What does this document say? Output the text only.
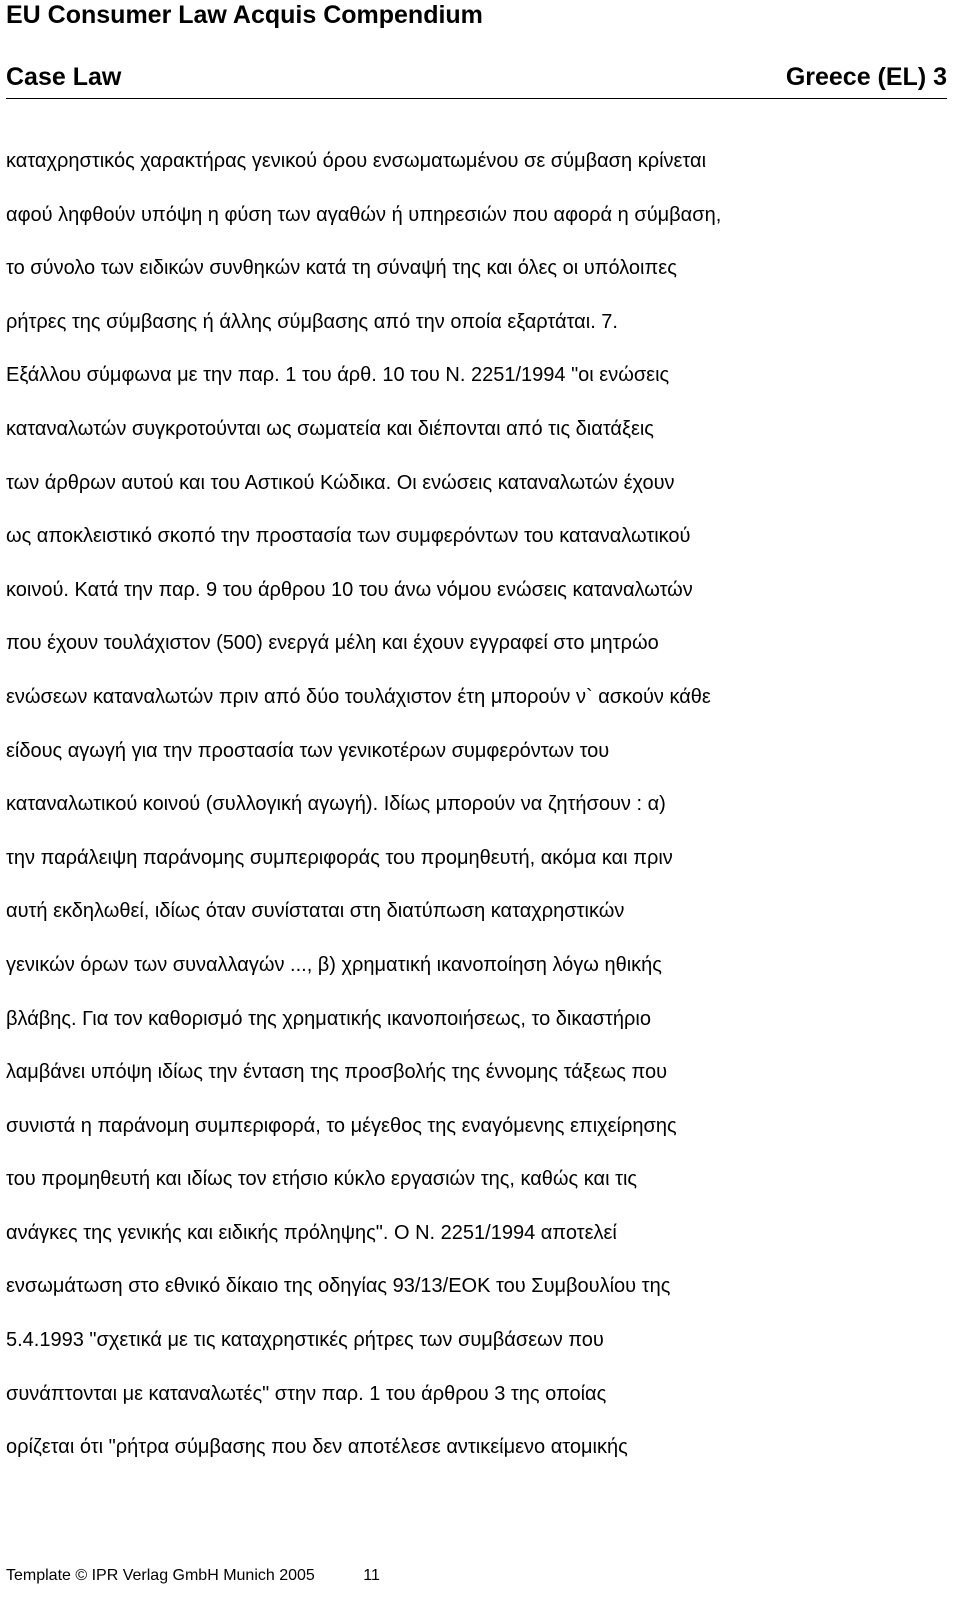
EU Consumer Law Acquis Compendium
Case Law	Greece (EL) 3
καταχρηστικός χαρακτήρας γενικού όρου ενσωματωμένου σε σύμβαση κρίνεται
αφού ληφθούν υπόψη η φύση των αγαθών ή υπηρεσιών που αφορά η σύμβαση,
το σύνολο των ειδικών συνθηκών κατά τη σύναψή της και όλες οι υπόλοιπες
ρήτρες της σύμβασης ή άλλης σύμβασης από την οποία εξαρτάται. 7.
Εξάλλου σύμφωνα με την παρ. 1 του άρθ. 10 του Ν. 2251/1994 "οι ενώσεις
καταναλωτών συγκροτούνται ως σωματεία και διέπονται από τις διατάξεις
των άρθρων αυτού και του Αστικού Κώδικα. Οι ενώσεις καταναλωτών έχουν
ως αποκλειστικό σκοπό την προστασία των συμφερόντων του καταναλωτικού
κοινού. Κατά την παρ. 9 του άρθρου 10 του άνω νόμου ενώσεις καταναλωτών
που έχουν τουλάχιστον (500) ενεργά μέλη και έχουν εγγραφεί στο μητρώο
ενώσεων καταναλωτών πριν από δύο τουλάχιστον έτη μπορούν ν` ασκούν κάθε
είδους αγωγή για την προστασία των γενικοτέρων συμφερόντων του
καταναλωτικού κοινού (συλλογική αγωγή). Ιδίως μπορούν να ζητήσουν : α)
την παράλειψη παράνομης συμπεριφοράς του προμηθευτή, ακόμα και πριν
αυτή εκδηλωθεί, ιδίως όταν συνίσταται στη διατύπωση καταχρηστικών
γενικών όρων των συναλλαγών ..., β) χρηματική ικανοποίηση λόγω ηθικής
βλάβης. Για τον καθορισμό της χρηματικής ικανοποιήσεως, το δικαστήριο
λαμβάνει υπόψη ιδίως την ένταση της προσβολής της έννομης τάξεως που
συνιστά η παράνομη συμπεριφορά, το μέγεθος της εναγόμενης επιχείρησης
του προμηθευτή και ιδίως τον ετήσιο κύκλο εργασιών της, καθώς και τις
ανάγκες της γενικής και ειδικής πρόληψης". Ο Ν. 2251/1994 αποτελεί
ενσωμάτωση στο εθνικό δίκαιο της οδηγίας 93/13/ΕΟΚ του Συμβουλίου της
5.4.1993 "σχετικά με τις καταχρηστικές ρήτρες των συμβάσεων που
συνάπτονται με καταναλωτές" στην παρ. 1 του άρθρου 3 της οποίας
ορίζεται ότι "ρήτρα σύμβασης που δεν αποτέλεσε αντικείμενο ατομικής
Template © IPR Verlag GmbH Munich 2005	11
